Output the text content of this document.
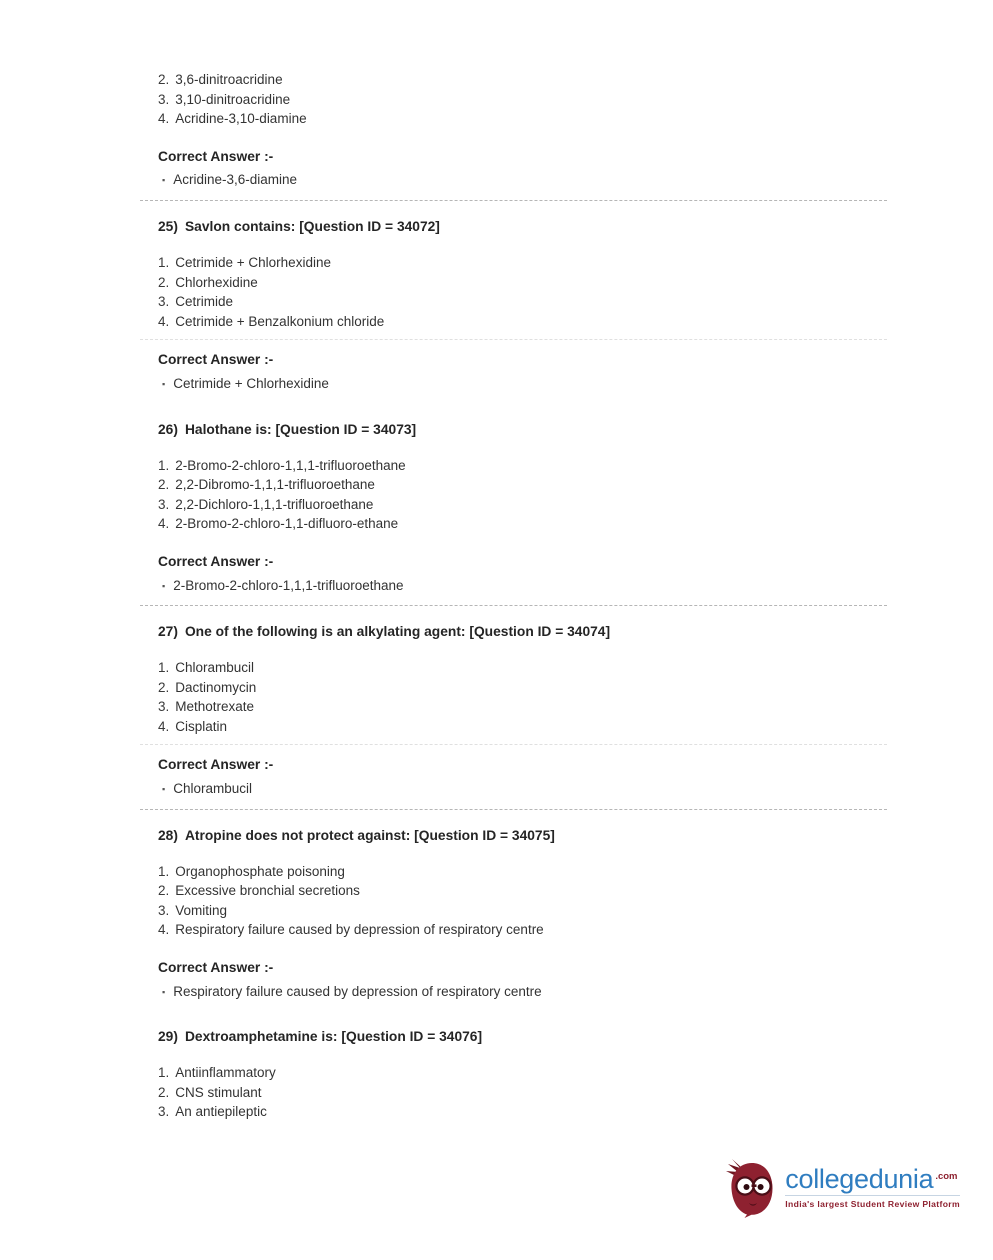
2. 3,6-dinitroacridine
3. 3,10-dinitroacridine
4. Acridine-3,10-diamine

Correct Answer :-

▪ Acridine-3,6-diamine

25) Savlon contains: [Question ID = 34072]
1. Cetrimide + Chlorhexidine
2. Chlorhexidine
3. Cetrimide
4. Cetrimide + Benzalkonium chloride

Correct Answer :-

▪ Cetrimide + Chlorhexidine

26) Halothane is: [Question ID = 34073]
1. 2-Bromo-2-chloro-1,1,1-trifluoroethane
2. 2,2-Dibromo-1,1,1-trifluoroethane
3. 2,2-Dichloro-1,1,1-trifluoroethane
4. 2-Bromo-2-chloro-1,1-difluoro-ethane

Correct Answer :-

▪ 2-Bromo-2-chloro-1,1,1-trifluoroethane

27) One of the following is an alkylating agent: [Question ID = 34074]
1. Chlorambucil
2. Dactinomycin
3. Methotrexate
4. Cisplatin

Correct Answer :-

▪ Chlorambucil

28) Atropine does not protect against: [Question ID = 34075]
1. Organophosphate poisoning
2. Excessive bronchial secretions
3. Vomiting
4. Respiratory failure caused by depression of respiratory centre

Correct Answer :-

▪ Respiratory failure caused by depression of respiratory centre

29) Dextroamphetamine is: [Question ID = 34076]
1. Antiinflammatory
2. CNS stimulant
3. An antiepileptic
collegedunia $^{.com}$
India's largest Student Review Platform
